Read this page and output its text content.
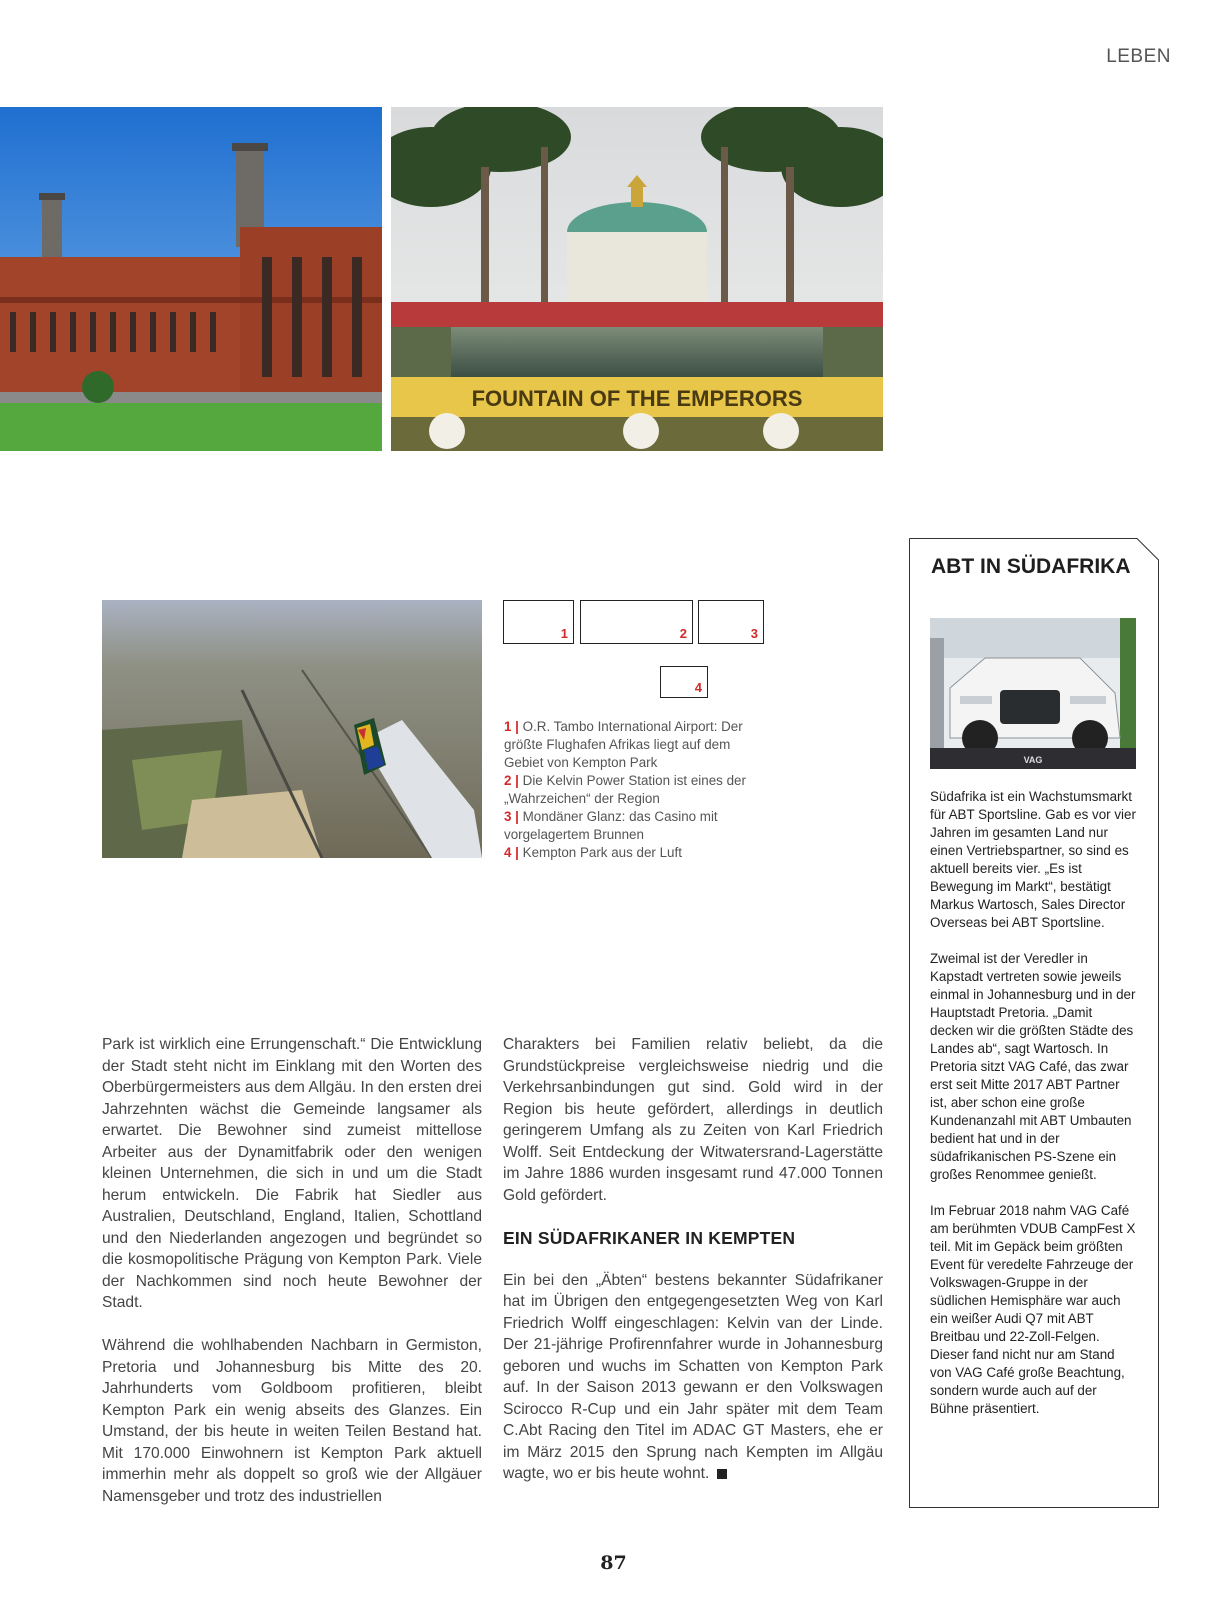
LEBEN
FOUNTAIN OF THE EMPERORS
1	2	3
4

1 | O.R. Tambo International Airport: Der größte Flughafen Afrikas liegt auf dem Gebiet von Kempton Park

2 | Die Kelvin Power Station ist eines der „Wahrzeichen“ der Region

3 | Mondäner Glanz: das Casino mit vorgelagertem Brunnen

4 | Kempton Park aus der Luft

Park ist wirklich eine Errungenschaft.“ Die Entwicklung der Stadt steht nicht im Einklang mit den Worten des Oberbürgermeisters aus dem Allgäu. In den ersten drei Jahrzehnten wächst die Gemeinde langsamer als erwartet. Die Bewohner sind zumeist mittellose Arbeiter aus der Dynamitfabrik oder den wenigen kleinen Unternehmen, die sich in und um die Stadt herum entwickeln. Die Fabrik hat Siedler aus Australien, Deutschland, England, Italien, Schottland und den Niederlanden angezogen und begründet so die kosmopolitische Prägung von Kempton Park. Viele der Nachkommen sind noch heute Bewohner der Stadt.

Während die wohlhabenden Nachbarn in Germiston, Pretoria und Johannesburg bis Mitte des 20. Jahrhunderts vom Goldboom profitieren, bleibt Kempton Park ein wenig abseits des Glanzes. Ein Umstand, der bis heute in weiten Teilen Bestand hat. Mit 170.000 Einwohnern ist Kempton Park aktuell immerhin mehr als doppelt so groß wie der Allgäuer Namensgeber und trotz des industriellen

Charakters bei Familien relativ beliebt, da die Grundstückpreise vergleichsweise niedrig und die Verkehrsanbindungen gut sind. Gold wird in der Region bis heute gefördert, allerdings in deutlich geringerem Umfang als zu Zeiten von Karl Friedrich Wolff. Seit Entdeckung der Witwatersrand-Lagerstätte im Jahre 1886 wurden insgesamt rund 47.000 Tonnen Gold gefördert.

EIN SÜDAFRIKANER IN KEMPTEN

Ein bei den „Äbten“ bestens bekannter Südafrikaner hat im Übrigen den entgegengesetzten Weg von Karl Friedrich Wolff eingeschlagen: Kelvin van der Linde. Der 21-jährige Profirennfahrer wurde in Johannesburg geboren und wuchs im Schatten von Kempton Park auf. In der Saison 2013 gewann er den Volkswagen Scirocco R-Cup und ein Jahr später mit dem Team C.Abt Racing den Titel im ADAC GT Masters, ehe er im März 2015 den Sprung nach Kempten im Allgäu wagte, wo er bis heute wohnt.

ABT IN SÜDAFRIKA
VAG

Südafrika ist ein Wachstumsmarkt für ABT Sportsline. Gab es vor vier Jahren im gesamten Land nur einen Vertriebspartner, so sind es aktuell bereits vier. „Es ist Bewegung im Markt“, bestätigt Markus Wartosch, Sales Director Overseas bei ABT Sportsline.

Zweimal ist der Veredler in Kapstadt vertreten sowie jeweils einmal in Johannesburg und in der Hauptstadt Pretoria. „Damit decken wir die größten Städte des Landes ab“, sagt Wartosch. In Pretoria sitzt VAG Café, das zwar erst seit Mitte 2017 ABT Partner ist, aber schon eine große Kundenanzahl mit ABT Umbauten bedient hat und in der südafrikanischen PS-Szene ein großes Renommee genießt.

Im Februar 2018 nahm VAG Café am berühmten VDUB CampFest X teil. Mit im Gepäck beim größten Event für veredelte Fahrzeuge der Volkswagen-Gruppe in der südlichen Hemisphäre war auch ein weißer Audi Q7 mit ABT Breitbau und 22-Zoll-Felgen. Dieser fand nicht nur am Stand von VAG Café große Beachtung, sondern wurde auch auf der Bühne präsentiert.

87
